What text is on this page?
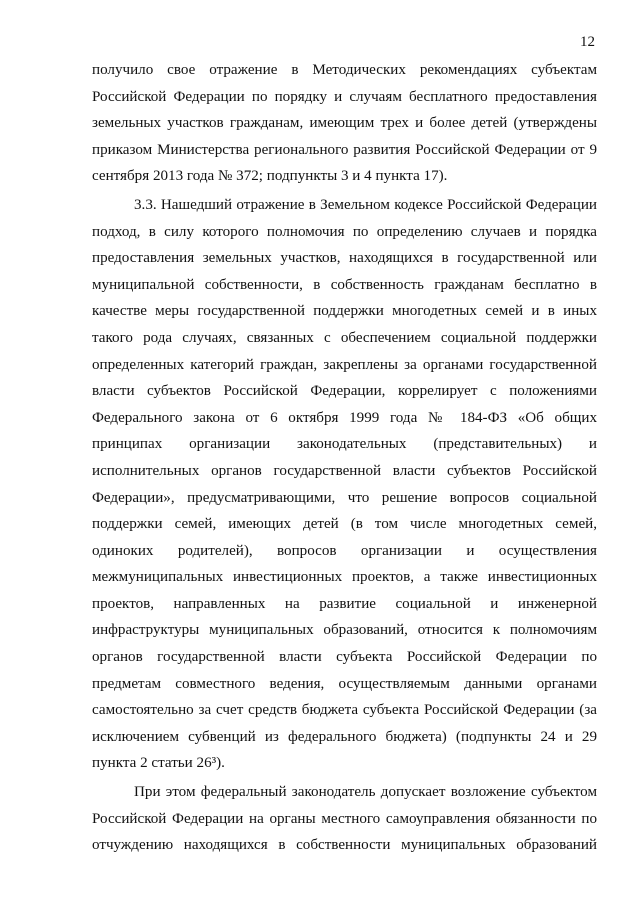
12
получило свое отражение в Методических рекомендациях субъектам
Российской Федерации по порядку и случаям бесплатного предоставления
земельных участков гражданам, имеющим трех и более детей (утверждены
приказом Министерства регионального развития Российской Федерации от 9
сентября 2013 года № 372; подпункты 3 и 4 пункта 17).
3.3. Нашедший отражение в Земельном кодексе Российской Федерации
подход, в силу которого полномочия по определению случаев и порядка
предоставления земельных участков, находящихся в государственной или
муниципальной собственности, в собственность гражданам бесплатно в
качестве меры государственной поддержки многодетных семей и в иных
такого рода случаях, связанных с обеспечением социальной поддержки
определенных категорий граждан, закреплены за органами государственной
власти субъектов Российской Федерации, коррелирует с положениями
Федерального закона от 6 октября 1999 года № 184-ФЗ «Об общих
принципах организации законодательных (представительных) и
исполнительных органов государственной власти субъектов Российской
Федерации», предусматривающими, что решение вопросов социальной
поддержки семей, имеющих детей (в том числе многодетных семей,
одиноких родителей), вопросов организации и осуществления
межмуниципальных инвестиционных проектов, а также инвестиционных
проектов, направленных на развитие социальной и инженерной
инфраструктуры муниципальных образований, относится к полномочиям
органов государственной власти субъекта Российской Федерации по
предметам совместного ведения, осуществляемым данными органами
самостоятельно за счет средств бюджета субъекта Российской Федерации (за
исключением субвенций из федерального бюджета) (подпункты 24 и 29
пункта 2 статьи 26³).
При этом федеральный законодатель допускает возложение субъектом
Российской Федерации на органы местного самоуправления обязанности по
отчуждению находящихся в собственности муниципальных образований
